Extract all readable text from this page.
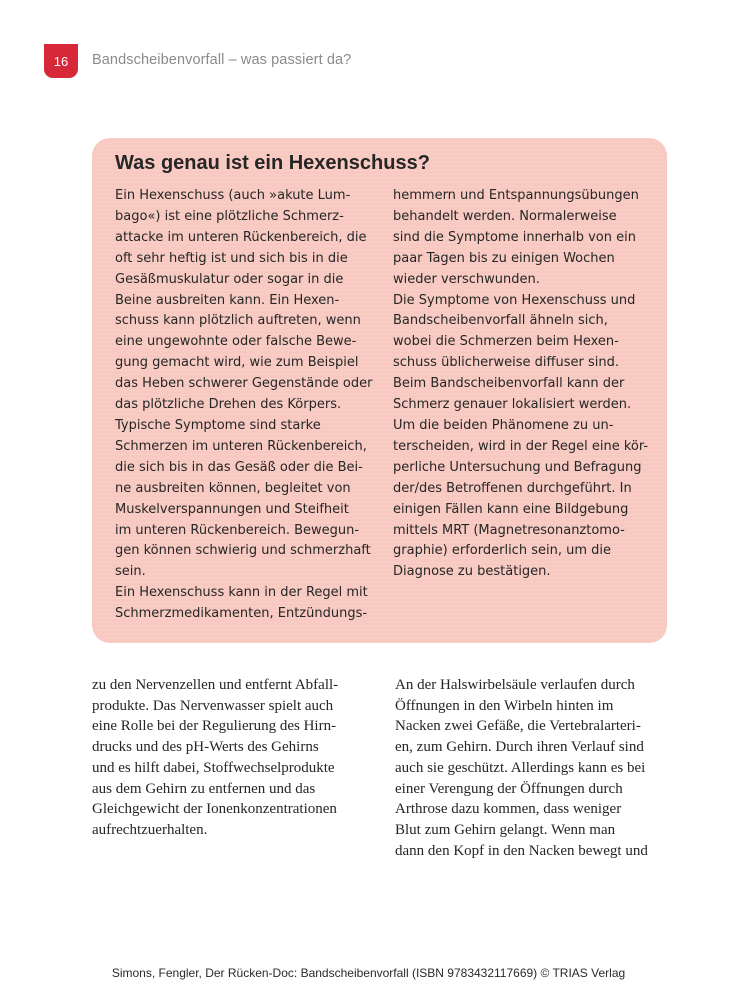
16 Bandscheibenvorfall – was passiert da?
Was genau ist ein Hexenschuss?
Ein Hexenschuss (auch »akute Lum-
bago«) ist eine plötzliche Schmerz-
attacke im unteren Rückenbereich, die
oft sehr heftig ist und sich bis in die
Gesäßmuskulatur oder sogar in die
Beine ausbreiten kann. Ein Hexen-
schuss kann plötzlich auftreten, wenn
eine ungewohnte oder falsche Bewe-
gung gemacht wird, wie zum Beispiel
das Heben schwerer Gegenstände oder
das plötzliche Drehen des Körpers.
Typische Symptome sind starke
Schmerzen im unteren Rückenbereich,
die sich bis in das Gesäß oder die Bei-
ne ausbreiten können, begleitet von
Muskelverspannungen und Steifheit
im unteren Rückenbereich. Bewegun-
gen können schwierig und schmerzhaft
sein.
Ein Hexenschuss kann in der Regel mit
Schmerzmedikamenten, Entzündungs-
hemmern und Entspannungsübungen
behandelt werden. Normalerweise
sind die Symptome innerhalb von ein
paar Tagen bis zu einigen Wochen
wieder verschwunden.
Die Symptome von Hexenschuss und
Bandscheibenvorfall ähneln sich,
wobei die Schmerzen beim Hexen-
schuss üblicherweise diffuser sind.
Beim Bandscheibenvorfall kann der
Schmerz genauer lokalisiert werden.
Um die beiden Phänomene zu un-
terscheiden, wird in der Regel eine kör-
perliche Untersuchung und Befragung
der/des Betroffenen durchgeführt. In
einigen Fällen kann eine Bildgebung
mittels MRT (Magnetresonanztomo-
graphie) erforderlich sein, um die
Diagnose zu bestätigen.
zu den Nervenzellen und entfernt Abfall-
produkte. Das Nervenwasser spielt auch
eine Rolle bei der Regulierung des Hirn-
drucks und des pH-Werts des Gehirns
und es hilft dabei, Stoffwechselprodukte
aus dem Gehirn zu entfernen und das
Gleichgewicht der Ionenkonzentrationen
aufrechtzuerhalten.
An der Halswirbelsäule verlaufen durch
Öffnungen in den Wirbeln hinten im
Nacken zwei Gefäße, die Vertebralarteri-
en, zum Gehirn. Durch ihren Verlauf sind
auch sie geschützt. Allerdings kann es bei
einer Verengung der Öffnungen durch
Arthrose dazu kommen, dass weniger
Blut zum Gehirn gelangt. Wenn man
dann den Kopf in den Nacken bewegt und
Simons, Fengler, Der Rücken-Doc: Bandscheibenvorfall (ISBN 9783432117669) © TRIAS Verlag
